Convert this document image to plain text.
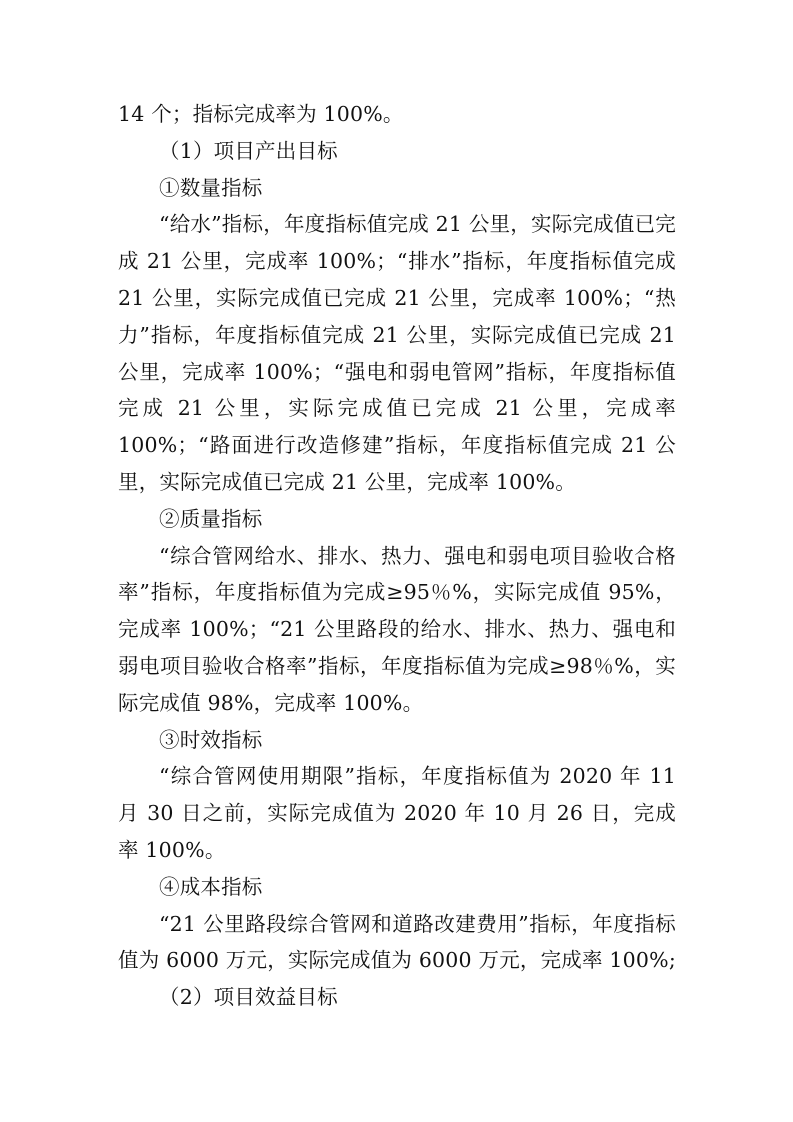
14 个；指标完成率为 100%。

（1）项目产出目标

①数量指标

“给水”指标，年度指标值完成 21 公里，实际完成值已完成 21 公里，完成率 100%；“排水”指标，年度指标值完成 21 公里，实际完成值已完成 21 公里，完成率 100%；“热力”指标，年度指标值完成 21 公里，实际完成值已完成 21 公里，完成率 100%；“强电和弱电管网”指标，年度指标值完成 21 公里，实际完成值已完成 21 公里，完成率 100%；“路面进行改造修建”指标，年度指标值完成 21 公里，实际完成值已完成 21 公里，完成率 100%。

②质量指标

“综合管网给水、排水、热力、强电和弱电项目验收合格率”指标，年度指标值为完成≥95％%，实际完成值 95%，完成率 100%；“21 公里路段的给水、排水、热力、强电和弱电项目验收合格率”指标，年度指标值为完成≥98％%，实际完成值 98%，完成率 100%。

③时效指标

“综合管网使用期限”指标，年度指标值为 2020 年 11 月 30 日之前，实际完成值为 2020 年 10 月 26 日，完成率 100%。

④成本指标

“21 公里路段综合管网和道路改建费用”指标，年度指标值为 6000 万元，实际完成值为 6000 万元，完成率 100%;

（2）项目效益目标
